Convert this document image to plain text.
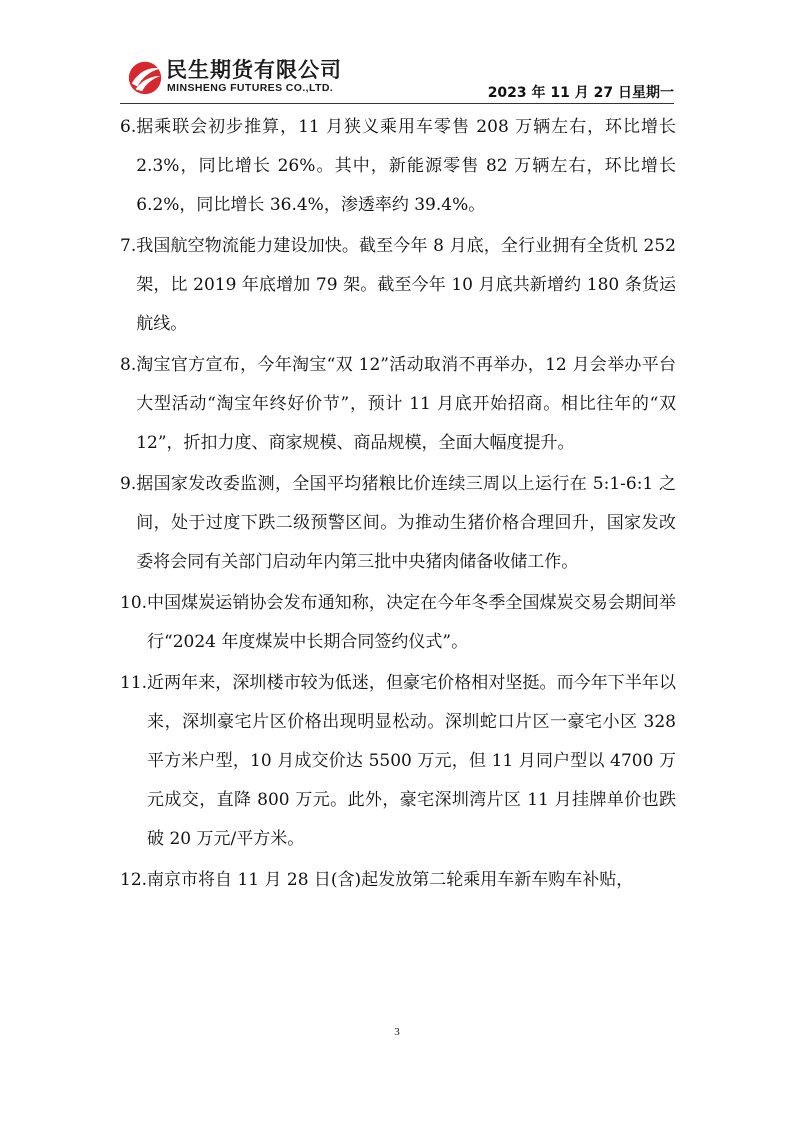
民生期货有限公司
MINSHENG FUTURES CO.,LTD.	2023 年 11 月 27 日星期一
6. 据乘联会初步推算，11 月狭义乘用车零售 208 万辆左右，环比增长 2.3%，同比增长 26%。其中，新能源零售 82 万辆左右，环比增长 6.2%，同比增长 36.4%，渗透率约 39.4%。
7. 我国航空物流能力建设加快。截至今年 8 月底，全行业拥有全货机 252 架，比 2019 年底增加 79 架。截至今年 10 月底共新增约 180 条货运航线。
8. 淘宝官方宣布，今年淘宝“双 12”活动取消不再举办，12 月会举办平台大型活动“淘宝年终好价节”，预计 11 月底开始招商。相比往年的“双 12”，折扣力度、商家规模、商品规模，全面大幅度提升。
9. 据国家发改委监测，全国平均猪粮比价连续三周以上运行在 5:1-6:1 之间，处于过度下跌二级预警区间。为推动生猪价格合理回升，国家发改委将会同有关部门启动年内第三批中央猪肉储备收储工作。
10. 中国煤炭运销协会发布通知称，决定在今年冬季全国煤炭交易会期间举行“2024 年度煤炭中长期合同签约仪式”。
11. 近两年来，深圳楼市较为低迷，但豪宅价格相对坚挺。而今年下半年以来，深圳豪宅片区价格出现明显松动。深圳蛇口片区一豪宅小区 328 平方米户型，10 月成交价达 5500 万元，但 11 月同户型以 4700 万元成交，直降 800 万元。此外，豪宅深圳湾片区 11 月挂牌单价也跌破 20 万元/平方米。
12. 南京市将自 11 月 28 日(含)起发放第二轮乘用车新车购车补贴，
3
